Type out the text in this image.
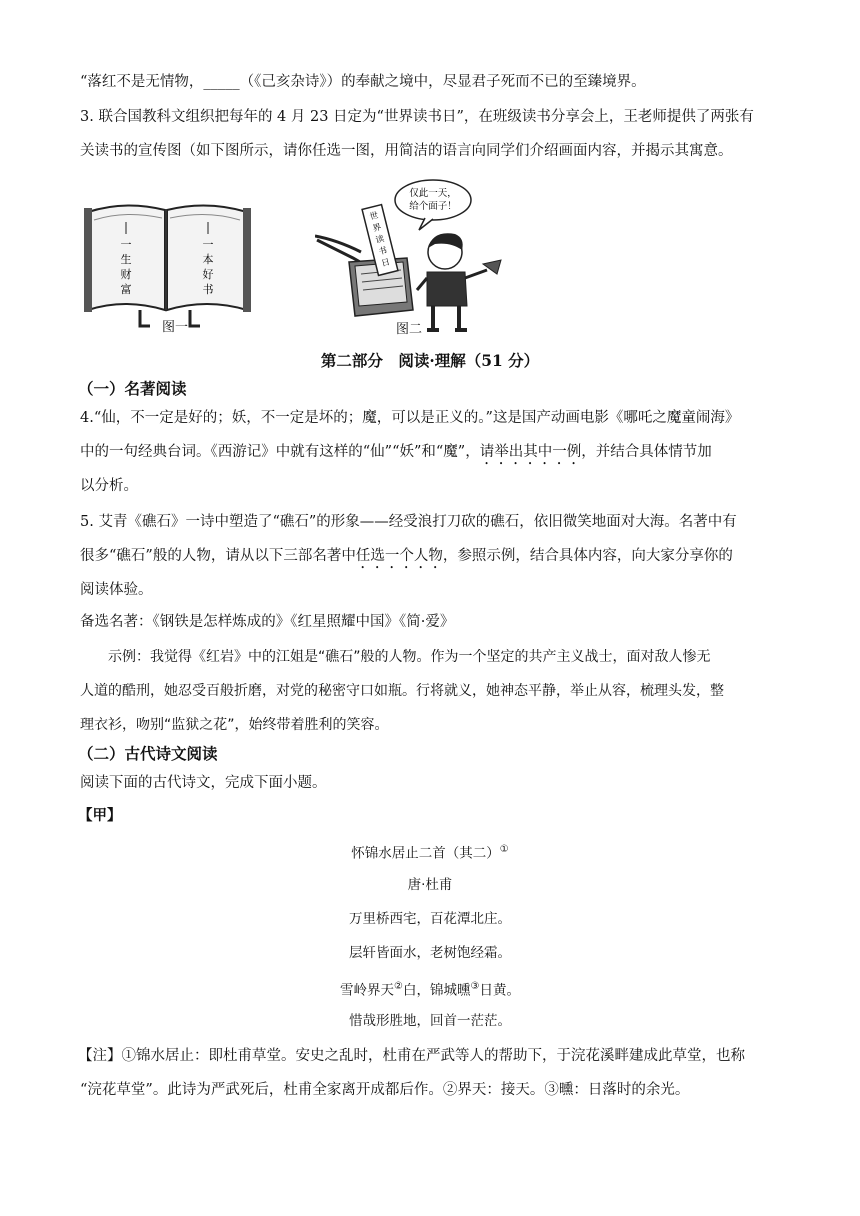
“落红不是无情物，_____（《己亥杂诗》）的奉献之境中，尽显君子死而不已的至臻境界。
3. 联合国教科文组织把每年的 4 月 23 日定为“世界读书日”，在班级读书分享会上，王老师提供了两张有
关读书的宣传图（如下图所示，请你任选一图，用简洁的语言向同学们介绍画面内容，并揭示其寓意。
一生财富
一本好书
图一
仅此一天，
给个面子！
世界读书日
图二
第二部分　阅读·理解（51 分）
（一）名著阅读
4.“仙，不一定是好的；妖，不一定是坏的；魔，可以是正义的。”这是国产动画电影《哪吒之魔童闹海》
中的一句经典台词。《西游记》中就有这样的“仙”“妖”和“魔”，请举出其中一例，并结合具体情节加
以分析。
5. 艾青《礁石》一诗中塑造了“礁石”的形象——经受浪打刀砍的礁石，依旧微笑地面对大海。名著中有
很多“礁石”般的人物，请从以下三部名著中任选一个人物，参照示例，结合具体内容，向大家分享你的
阅读体验。
备选名著：《钢铁是怎样炼成的》《红星照耀中国》《简·爱》
示例：我觉得《红岩》中的江姐是“礁石”般的人物。作为一个坚定的共产主义战士，面对敌人惨无
人道的酷刑，她忍受百般折磨，对党的秘密守口如瓶。行将就义，她神态平静，举止从容，梳理头发，整
理衣衫，吻别“监狱之花”，始终带着胜利的笑容。
（二）古代诗文阅读
阅读下面的古代诗文，完成下面小题。
【甲】
怀锦水居止二首（其二）①
唐·杜甫
万里桥西宅，百花潭北庄。
层轩皆面水，老树饱经霜。
雪岭界天②白，锦城曛③日黄。
惜哉形胜地，回首一茫茫。
【注】①锦水居止：即杜甫草堂。安史之乱时，杜甫在严武等人的帮助下，于浣花溪畔建成此草堂，也称
“浣花草堂”。此诗为严武死后，杜甫全家离开成都后作。②界天：接天。③曛：日落时的余光。
